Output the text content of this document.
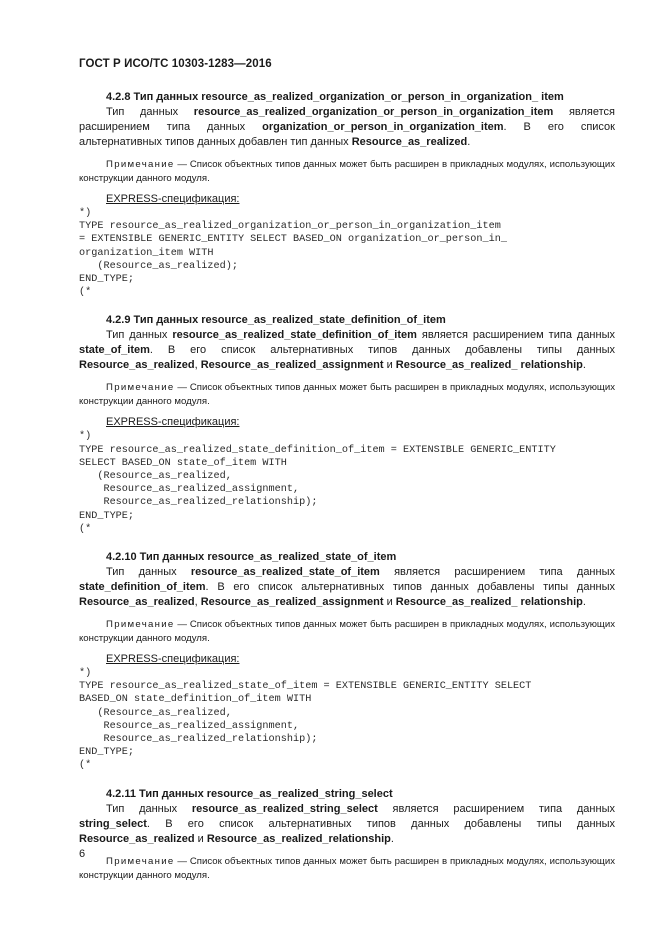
ГОСТ Р ИСО/ТС 10303-1283—2016
4.2.8 Тип данных resource_as_realized_organization_or_person_in_organization_ item

Тип данных resource_as_realized_organization_or_person_in_organization_item является расширением типа данных organization_or_person_in_organization_item. В его список альтернативных типов данных добавлен тип данных Resource_as_realized.

Примечание — Список объектных типов данных может быть расширен в прикладных модулях, использующих конструкции данного модуля.

EXPRESS-спецификация:
*)
TYPE resource_as_realized_organization_or_person_in_organization_item
= EXTENSIBLE GENERIC_ENTITY SELECT BASED_ON organization_or_person_in_
organization_item WITH
(Resource_as_realized);
END_TYPE;
(*
4.2.9 Тип данных resource_as_realized_state_definition_of_item

Тип данных resource_as_realized_state_definition_of_item является расширением типа данных state_of_item. В его список альтернативных типов данных добавлены типы данных Resource_as_realized, Resource_as_realized_assignment и Resource_as_realized_ relationship.

Примечание — Список объектных типов данных может быть расширен в прикладных модулях, использующих конструкции данного модуля.

EXPRESS-спецификация:
*)
TYPE resource_as_realized_state_definition_of_item = EXTENSIBLE GENERIC_ENTITY
SELECT BASED_ON state_of_item WITH
(Resource_as_realized,
Resource_as_realized_assignment,
Resource_as_realized_relationship);
END_TYPE;
(*
4.2.10 Тип данных resource_as_realized_state_of_item

Тип данных resource_as_realized_state_of_item является расширением типа данных state_definition_of_item. В его список альтернативных типов данных добавлены типы данных Resource_as_realized, Resource_as_realized_assignment и Resource_as_realized_ relationship.

Примечание — Список объектных типов данных может быть расширен в прикладных модулях, использующих конструкции данного модуля.

EXPRESS-спецификация:
*)
TYPE resource_as_realized_state_of_item = EXTENSIBLE GENERIC_ENTITY SELECT
BASED_ON state_definition_of_item WITH
(Resource_as_realized,
Resource_as_realized_assignment,
Resource_as_realized_relationship);
END_TYPE;
(*
4.2.11 Тип данных resource_as_realized_string_select

Тип данных resource_as_realized_string_select является расширением типа данных string_select. В его список альтернативных типов данных добавлены типы данных Resource_as_realized и Resource_as_realized_relationship.

Примечание — Список объектных типов данных может быть расширен в прикладных модулях, использующих конструкции данного модуля.

6
